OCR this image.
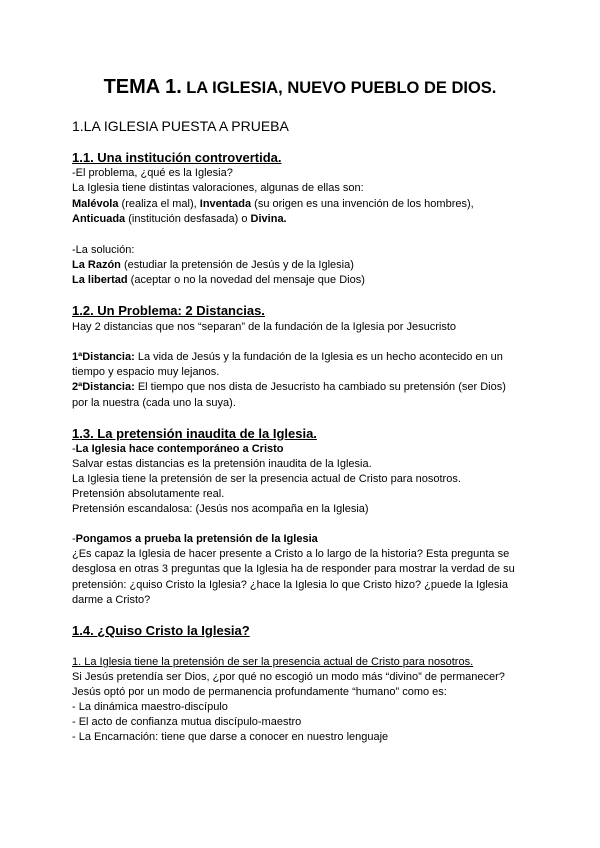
TEMA 1. LA IGLESIA, NUEVO PUEBLO DE DIOS.
1.LA IGLESIA PUESTA A PRUEBA
1.1. Una institución controvertida.
-El problema, ¿qué es la Iglesia?
La Iglesia tiene distintas valoraciones, algunas de ellas son:
Malévola (realiza el mal), Inventada (su origen es una invención de los hombres),
Anticuada (institución desfasada) o Divina.
-La solución:
La Razón (estudiar la pretensión de Jesús y de la Iglesia)
La libertad (aceptar o no la novedad del mensaje que Dios)
1.2. Un Problema: 2 Distancias.
Hay 2 distancias que nos “separan” de la fundación de la Iglesia por Jesucristo
1ªDistancia: La vida de Jesús y la fundación de la Iglesia es un hecho acontecido en un
tiempo y espacio muy lejanos.
2ªDistancia: El tiempo que nos dista de Jesucristo ha cambiado su pretensión (ser Dios)
por la nuestra (cada uno la suya).
1.3. La pretensión inaudita de la Iglesia.
-La Iglesia hace contemporáneo a Cristo
Salvar estas distancias es la pretensión inaudita de la Iglesia.
La Iglesia tiene la pretensión de ser la presencia actual de Cristo para nosotros.
Pretensión absolutamente real.
Pretensión escandalosa: (Jesús nos acompaña en la Iglesia)
-Pongamos a prueba la pretensión de la Iglesia
¿Es capaz la Iglesia de hacer presente a Cristo a lo largo de la historia? Esta pregunta se
desglosa en otras 3 preguntas que la Iglesia ha de responder para mostrar la verdad de su
pretensión: ¿quiso Cristo la Iglesia? ¿hace la Iglesia lo que Cristo hizo? ¿puede la Iglesia
darme a Cristo?
1.4. ¿Quiso Cristo la Iglesia?
1. La Iglesia tiene la pretensión de ser la presencia actual de Cristo para nosotros.
Si Jesús pretendía ser Dios, ¿por qué no escogió un modo más “divino” de permanecer?
Jesús optó por un modo de permanencia profundamente “humano” como es:
- La dinámica maestro-discípulo
- El acto de confianza mutua discípulo-maestro
- La Encarnación: tiene que darse a conocer en nuestro lenguaje
